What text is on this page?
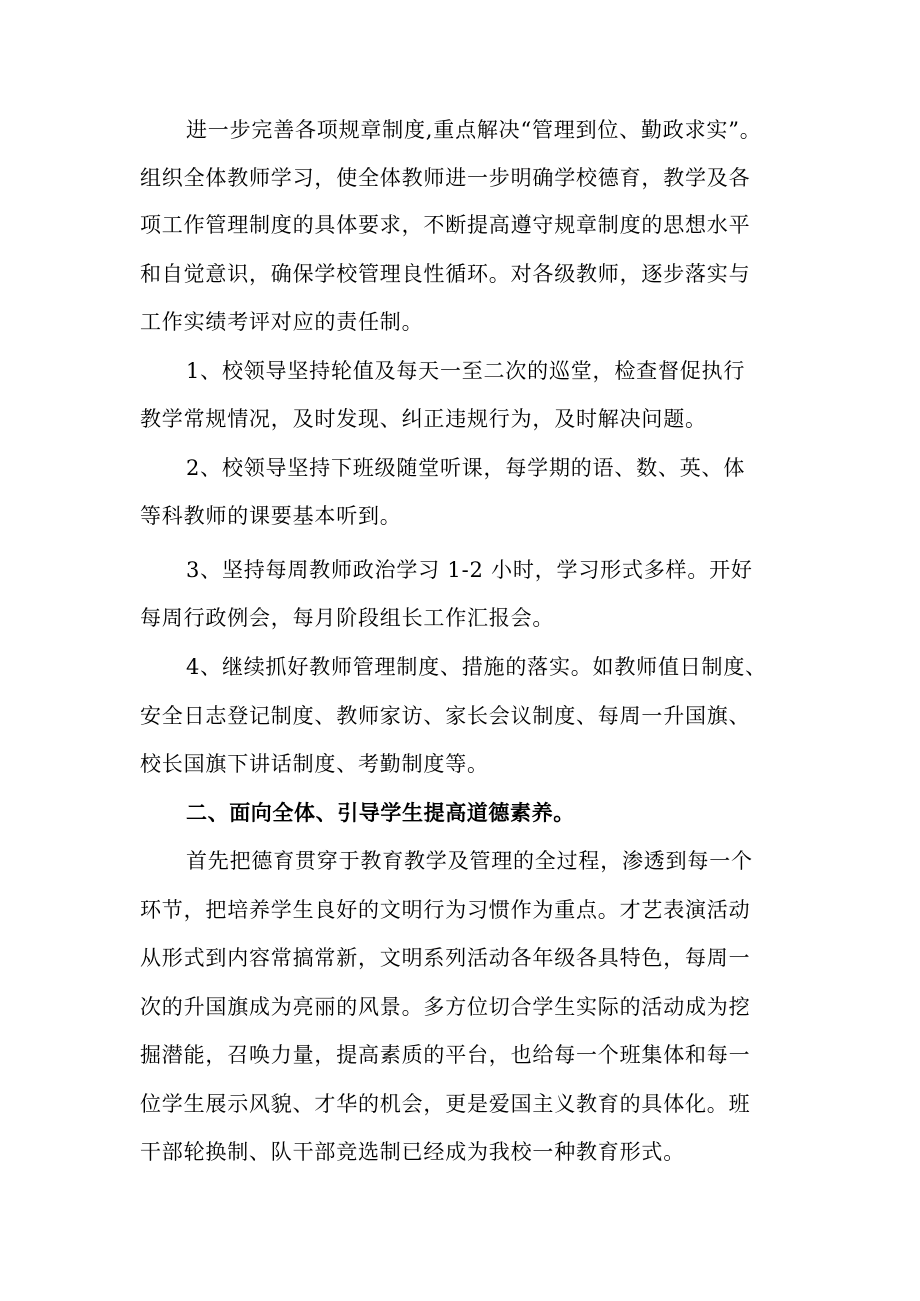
进一步完善各项规章制度,重点解决“管理到位、勤政求实”。
组织全体教师学习，使全体教师进一步明确学校德育，教学及各
项工作管理制度的具体要求，不断提高遵守规章制度的思想水平
和自觉意识，确保学校管理良性循环。对各级教师，逐步落实与
工作实绩考评对应的责任制。
1、校领导坚持轮值及每天一至二次的巡堂，检查督促执行
教学常规情况，及时发现、纠正违规行为，及时解决问题。
2、校领导坚持下班级随堂听课，每学期的语、数、英、体
等科教师的课要基本听到。
3、坚持每周教师政治学习 1-2 小时，学习形式多样。开好
每周行政例会，每月阶段组长工作汇报会。
4、继续抓好教师管理制度、措施的落实。如教师值日制度、
安全日志登记制度、教师家访、家长会议制度、每周一升国旗、
校长国旗下讲话制度、考勤制度等。
二、面向全体、引导学生提高道德素养。
首先把德育贯穿于教育教学及管理的全过程，渗透到每一个
环节，把培养学生良好的文明行为习惯作为重点。才艺表演活动
从形式到内容常搞常新，文明系列活动各年级各具特色，每周一
次的升国旗成为亮丽的风景。多方位切合学生实际的活动成为挖
掘潜能，召唤力量，提高素质的平台，也给每一个班集体和每一
位学生展示风貌、才华的机会，更是爱国主义教育的具体化。班
干部轮换制、队干部竞选制已经成为我校一种教育形式。
